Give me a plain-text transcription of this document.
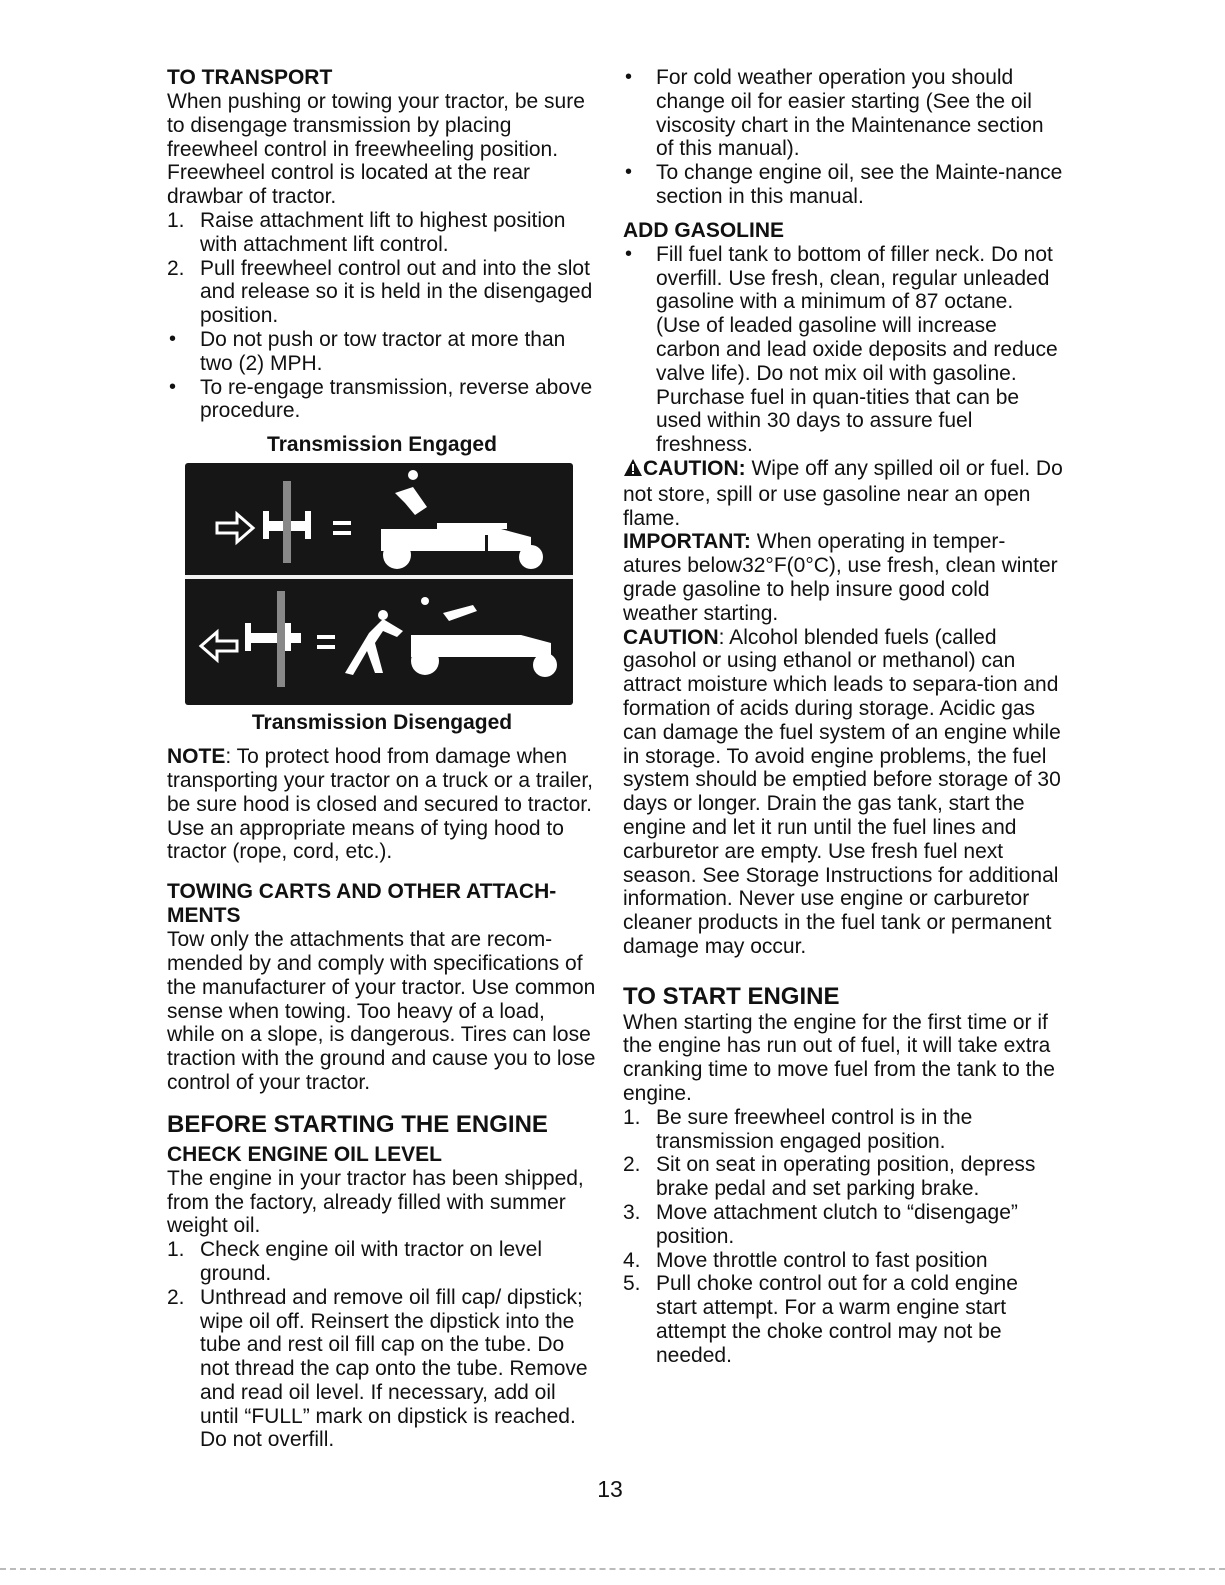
TO TRANSPORT

When pushing or towing your tractor, be sure to disengage transmission by placing freewheel control in freewheeling position. Freewheel control is located at the rear drawbar of tractor.

1. Raise attachment lift to highest position with attachment lift control.
2. Pull freewheel control out and into the slot and release so it is held in the disengaged position.
•	Do not push or tow tractor at more than two (2) MPH.
•	To re-engage transmission, reverse above procedure.

Transmission Engaged

Transmission Disengaged

NOTE: To protect hood from damage when transporting your tractor on a truck or a trailer, be sure hood is closed and secured to tractor. Use an appropriate means of tying hood to tractor (rope, cord, etc.).

TOWING CARTS AND OTHER ATTACH-MENTS

Tow only the attachments that are recom-mended by and comply with specifications of the manufacturer of your tractor. Use common sense when towing. Too heavy of a load, while on a slope, is dangerous. Tires can lose traction with the ground and cause you to lose control of your tractor.

BEFORE STARTING THE ENGINE

CHECK ENGINE OIL LEVEL

The engine in your tractor has been shipped, from the factory, already filled with summer weight oil.

1. Check engine oil with tractor on level ground.
2. Unthread and remove oil fill cap/ dipstick; wipe oil off. Reinsert the dipstick into the tube and rest oil fill cap on the tube. Do not thread the cap onto the tube. Remove and read oil level. If necessary, add oil until “FULL” mark on dipstick is reached. Do not overfill.
•	For cold weather operation you should change oil for easier starting (See the oil viscosity chart in the Maintenance section of this manual).
•	To change engine oil, see the Mainte-nance section in this manual.

ADD GASOLINE

•	Fill fuel tank to bottom of filler neck. Do not overfill. Use fresh, clean, regular unleaded gasoline with a minimum of 87 octane. (Use of leaded gasoline will increase carbon and lead oxide deposits and reduce valve life). Do not mix oil with gasoline. Purchase fuel in quan-tities that can be used within 30 days to assure fuel freshness.

CAUTION: Wipe off any spilled oil or fuel. Do not store, spill or use gasoline near an open flame.

IMPORTANT: When operating in temper-atures below32°F(0°C), use fresh, clean winter grade gasoline to help insure good cold weather starting.

CAUTION: Alcohol blended fuels (called gasohol or using ethanol or methanol) can attract moisture which leads to separa-tion and formation of acids during storage. Acidic gas can damage the fuel system of an engine while in storage. To avoid engine problems, the fuel system should be emptied before storage of 30 days or longer. Drain the gas tank, start the engine and let it run until the fuel lines and carburetor are empty. Use fresh fuel next season. See Storage Instructions for additional information. Never use engine or carburetor cleaner products in the fuel tank or permanent damage may occur.

TO START ENGINE

When starting the engine for the first time or if the engine has run out of fuel, it will take extra cranking time to move fuel from the tank to the engine.

1. Be sure freewheel control is in the transmission engaged position.
2. Sit on seat in operating position, depress brake pedal and set parking brake.
3. Move attachment clutch to “disengage” position.
4. Move throttle control to fast position
5. Pull choke control out for a cold engine start attempt. For a warm engine start attempt the choke control may not be needed.
13
